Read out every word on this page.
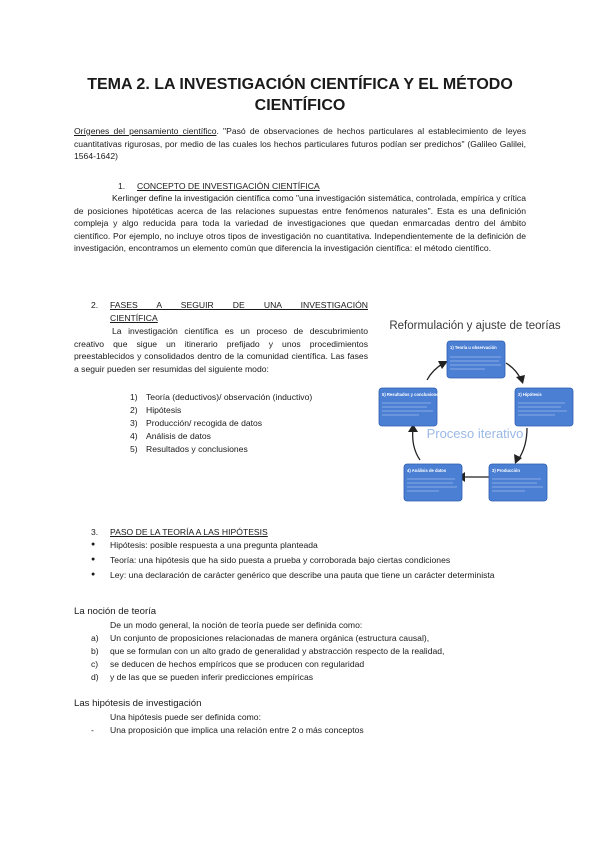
TEMA 2. LA INVESTIGACIÓN CIENTÍFICA Y EL MÉTODO CIENTÍFICO
Orígenes del pensamiento científico. "Pasó de observaciones de hechos particulares al establecimiento de leyes cuantitativas rigurosas, por medio de las cuales los hechos particulares futuros podían ser predichos" (Galileo Galilei, 1564-1642)
1. CONCEPTO DE INVESTIGACIÓN CIENTÍFICA
Kerlinger define la investigación científica como "una investigación sistemática, controlada, empírica y crítica de posiciones hipotéticas acerca de las relaciones supuestas entre fenómenos naturales". Esta es una definición compleja y algo reducida para toda la variedad de investigaciones que quedan enmarcadas dentro del ámbito científico. Por ejemplo, no incluye otros tipos de investigación no cuantitativa. Independientemente de la definición de investigación, encontramos un elemento común que diferencia la investigación científica: el método científico.
2. FASES A SEGUIR DE UNA INVESTIGACIÓN CIENTÍFICA
La investigación científica es un proceso de descubrimiento creativo que sigue un itinerario prefijado y unos procedimientos preestablecidos y consolidados dentro de la comunidad científica. Las fases a seguir pueden ser resumidas del siguiente modo:
1) Teoría (deductivos)/ observación (inductivo)
2) Hipótesis
3) Producción/ recogida de datos
4) Análisis de datos
5) Resultados y conclusiones
Reformulación y ajuste de teorías
Proceso iterativo
1) Teoría u observación
2) Hipótesis
3) Producción
4) Análisis de datos
5) Resultados y conclusiones
3. PASO DE LA TEORÍA A LAS HIPÓTESIS
● Hipótesis: posible respuesta a una pregunta planteada
● Teoría: una hipótesis que ha sido puesta a prueba y corroborada bajo ciertas condiciones
● Ley: una declaración de carácter genérico que describe una pauta que tiene un carácter determinista
La noción de teoría
De un modo general, la noción de teoría puede ser definida como:
a) Un conjunto de proposiciones relacionadas de manera orgánica (estructura causal),
b) que se formulan con un alto grado de generalidad y abstracción respecto de la realidad,
c) se deducen de hechos empíricos que se producen con regularidad
d) y de las que se pueden inferir predicciones empíricas
Las hipótesis de investigación
Una hipótesis puede ser definida como:
- Una proposición que implica una relación entre 2 o más conceptos
